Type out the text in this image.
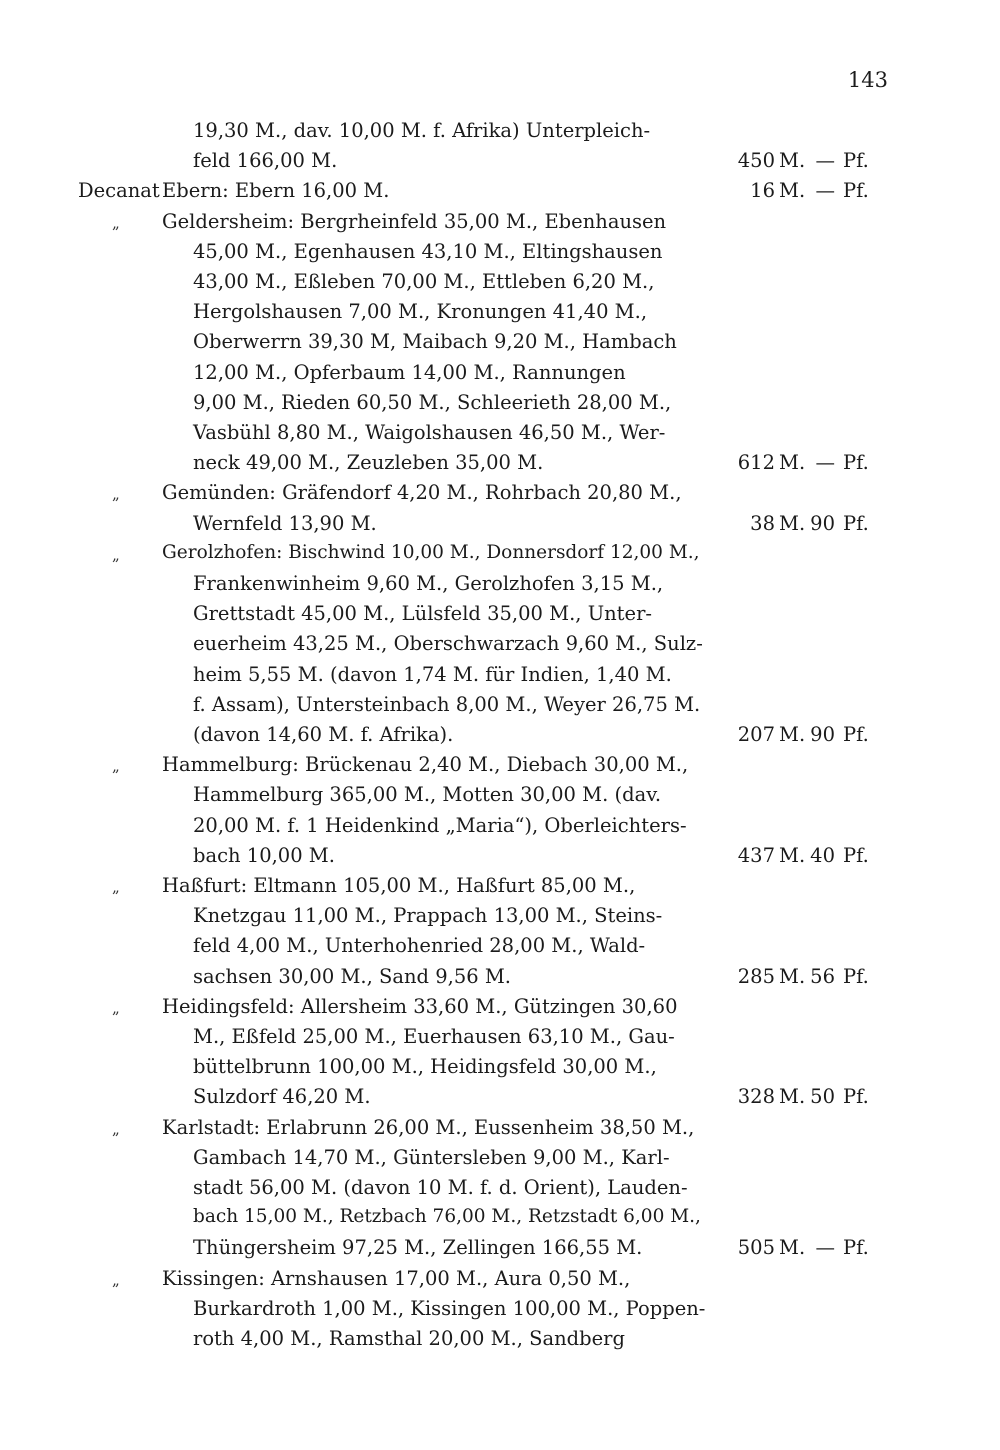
143
19,30 M., dav. 10,00 M. f. Afrika) Unterpleich-
feld 166,00 M.	450 M. — Pf.
Decanat Ebern: Ebern 16,00 M.	16 M. — Pf.
„ Geldersheim: Bergrheinfeld 35,00 M., Ebenhausen
45,00 M., Egenhausen 43,10 M., Eltingshausen
43,00 M., Eßleben 70,00 M., Ettleben 6,20 M.,
Hergolshausen 7,00 M., Kronungen 41,40 M.,
Oberwerrn 39,30 M, Maibach 9,20 M., Hambach
12,00 M., Opferbaum 14,00 M., Rannungen
9,00 M., Rieden 60,50 M., Schleerieth 28,00 M.,
Vasbühl 8,80 M., Waigolshausen 46,50 M., Wer-
neck 49,00 M., Zeuzleben 35,00 M.	612 M. — Pf.
„ Gemünden: Gräfendorf 4,20 M., Rohrbach 20,80 M.,
Wernfeld 13,90 M.	38 M. 90 Pf.
„ Gerolzhofen: Bischwind 10,00 M., Donnersdorf 12,00 M.,
Frankenwinheim 9,60 M., Gerolzhofen 3,15 M.,
Grettstadt 45,00 M., Lülsfeld 35,00 M., Unter-
euerheim 43,25 M., Oberschwarzach 9,60 M., Sulz-
heim 5,55 M. (davon 1,74 M. für Indien, 1,40 M.
f. Assam), Untersteinbach 8,00 M., Weyer 26,75 M.
(davon 14,60 M. f. Afrika).	207 M. 90 Pf.
„ Hammelburg: Brückenau 2,40 M., Diebach 30,00 M.,
Hammelburg 365,00 M., Motten 30,00 M. (dav.
20,00 M. f. 1 Heidenkind „Maria“), Oberleichters-
bach 10,00 M.	437 M. 40 Pf.
„ Haßfurt: Eltmann 105,00 M., Haßfurt 85,00 M.,
Knetzgau 11,00 M., Prappach 13,00 M., Steins-
feld 4,00 M., Unterhohenried 28,00 M., Wald-
sachsen 30,00 M., Sand 9,56 M.	285 M. 56 Pf.
„ Heidingsfeld: Allersheim 33,60 M., Gützingen 30,60
M., Eßfeld 25,00 M., Euerhausen 63,10 M., Gau-
büttelbrunn 100,00 M., Heidingsfeld 30,00 M.,
Sulzdorf 46,20 M.	328 M. 50 Pf.
„ Karlstadt: Erlabrunn 26,00 M., Eussenheim 38,50 M.,
Gambach 14,70 M., Güntersleben 9,00 M., Karl-
stadt 56,00 M. (davon 10 M. f. d. Orient), Lauden-
bach 15,00 M., Retzbach 76,00 M., Retzstadt 6,00 M.,
Thüngersheim 97,25 M., Zellingen 166,55 M.	505 M. — Pf.
„ Kissingen: Arnshausen 17,00 M., Aura 0,50 M.,
Burkardroth 1,00 M., Kissingen 100,00 M., Poppen-
roth 4,00 M., Ramsthal 20,00 M., Sandberg
